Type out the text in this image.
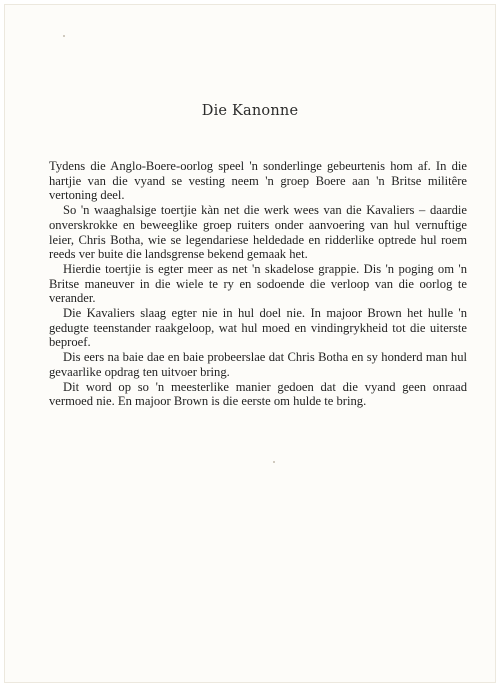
Die Kanonne

Tydens die Anglo-Boere-oorlog speel 'n sonderlinge gebeurtenis hom af. In die hartjie van die vyand se vesting neem 'n groep Boere aan 'n Britse militêre vertoning deel.

So 'n waaghalsige toertjie kàn net die werk wees van die Kavaliers – daardie onverskrokke en beweeglike groep ruiters onder aanvoering van hul vernuftige leier, Chris Botha, wie se legendariese heldedade en ridderlike optrede hul roem reeds ver buite die landsgrense bekend gemaak het.

Hierdie toertjie is egter meer as net 'n skadelose grappie. Dis 'n poging om 'n Britse maneuver in die wiele te ry en sodoende die verloop van die oorlog te verander.

Die Kavaliers slaag egter nie in hul doel nie. In majoor Brown het hulle 'n gedugte teenstander raakgeloop, wat hul moed en vindingrykheid tot die uiterste beproef.

Dis eers na baie dae en baie probeerslae dat Chris Botha en sy honderd man hul gevaarlike opdrag ten uitvoer bring.

Dit word op so 'n meesterlike manier gedoen dat die vyand geen onraad vermoed nie. En majoor Brown is die eerste om hulde te bring.
